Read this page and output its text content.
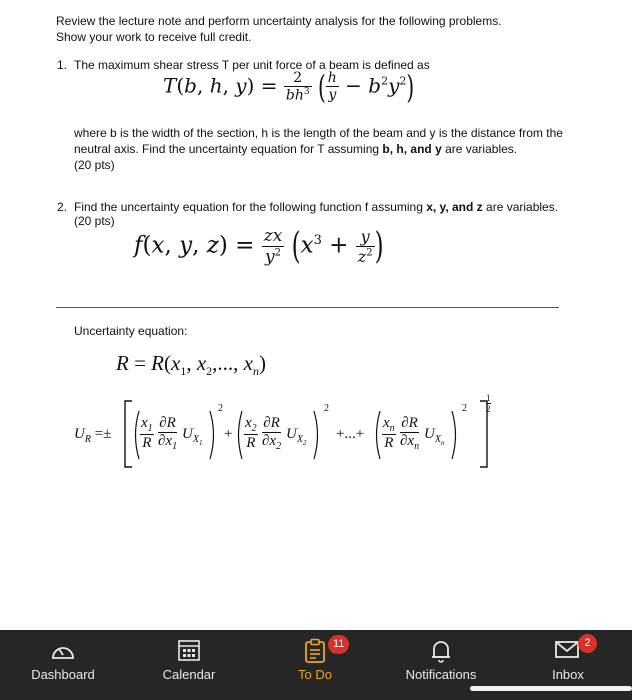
Review the lecture note and perform uncertainty analysis for the following problems.
Show your work to receive full credit.
1. The maximum shear stress T per unit force of a beam is defined as
T(b, h, $y) = \frac{2}{bh^3}$ ( $\frac{h}{y} - b^2y^2$)
where b is the width of the section, h is the length of the beam and y is the distance from the
neutral axis. Find the uncertainty equation for T assuming b, h, and y are variables.
(20 pts)
2. Find the uncertainty equation for the following function f assuming x, y, and z are variables.
(20 pts)
f(x, y, $z) = \frac{zx}{y^2} (x^3 + \frac{y}{z^2}$ )
Uncertainty equation:
$R = R(x_1$, $x_2$,..., $x_n$)
$U_R$ =±
$\frac{1}{2}$
$x_1$
R
∂R
$\partial x_1$
$U_{X_1}$
2
+
$x_2$
R
∂R
$\partial x_2$
$U_{X_2}$
2
+...+
$x_n$
R
∂R
$\partial x_n$
$U_{X_n}$
2
Dashboard	Calendar
11
To Do	Notifications
2
Inbox
